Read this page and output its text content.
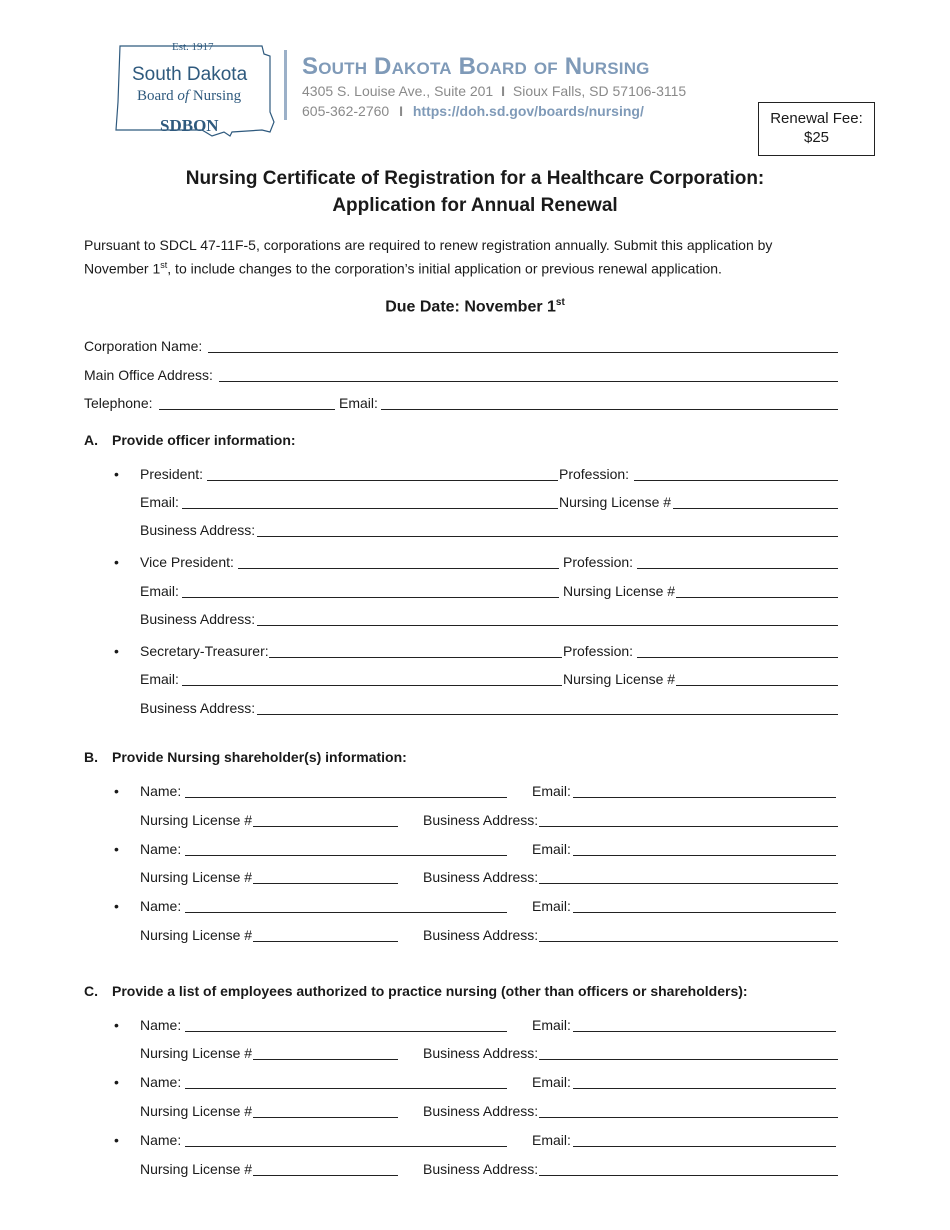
Est. 1917
South Dakota
Board of Nursing
SDBON
South Dakota Board of Nursing
4305 S. Louise Ave., Suite 201 I Sioux Falls, SD 57106-3115
605-362-2760 I https://doh.sd.gov/boards/nursing/	Renewal Fee:
$25
Nursing Certificate of Registration for a Healthcare Corporation:
Application for Annual Renewal
Pursuant to SDCL 47-11F-5, corporations are required to renew registration annually. Submit this application by
November 1st, to include changes to the corporation’s initial application or previous renewal application.
Due Date: November 1st
Corporation Name:
Main Office Address:
Telephone:	Email:
A. Provide officer information:
• President:	Profession:
Email:	Nursing License #
Business Address:
• Vice President:	Profession:
Email:	Nursing License #
Business Address:
• Secretary-Treasurer:	Profession:
Email:	Nursing License #
Business Address:
B. Provide Nursing shareholder(s) information:
• Name:	Email:
Nursing License #	Business Address:
• Name:	Email:
Nursing License #	Business Address:
• Name:	Email:
Nursing License #	Business Address:
C. Provide a list of employees authorized to practice nursing (other than officers or shareholders):
• Name:	Email:
Nursing License #	Business Address:
• Name:	Email:
Nursing License #	Business Address:
• Name:	Email:
Nursing License #	Business Address:
